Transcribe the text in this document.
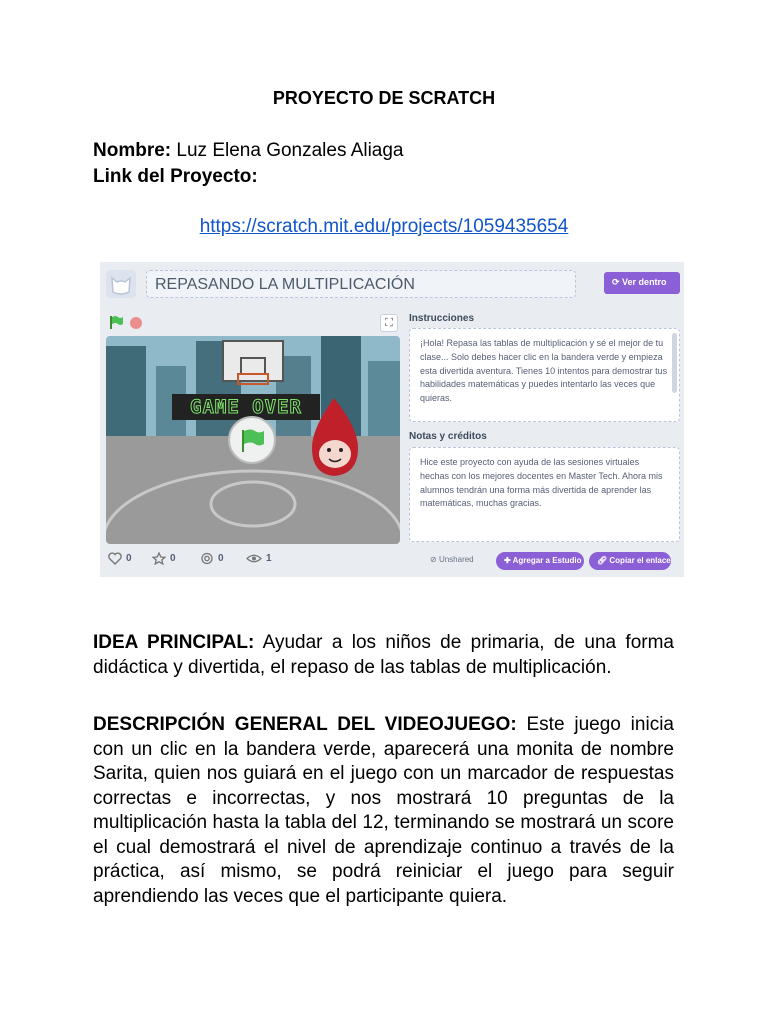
PROYECTO DE SCRATCH
Nombre: Luz Elena Gonzales Aliaga
Link del Proyecto:
https://scratch.mit.edu/projects/1059435654
REPASANDO LA MULTIPLICACIÓN	⟳ Ver dentro
⛶
GAME OVER
Instrucciones
¡Hola! Repasa las tablas de multiplicación y sé el mejor de tu clase... Solo debes hacer clic en la bandera verde y empieza esta divertida aventura. Tienes 10 intentos para demostrar tus habilidades matemáticas y puedes intentarlo las veces que quieras.
Notas y créditos
Hice este proyecto con ayuda de las sesiones virtuales hechas con los mejores docentes en Master Tech. Ahora mis alumnos tendrán una forma más divertida de aprender las matemáticas, muchas gracias.
0	0	0	1	⊘ Unshared	✚ Agregar a Estudio	🔗︎ Copiar el enlace
IDEA PRINCIPAL: Ayudar a los niños de primaria, de una forma didáctica y divertida, el repaso de las tablas de multiplicación.
DESCRIPCIÓN GENERAL DEL VIDEOJUEGO: Este juego inicia con un clic en la bandera verde, aparecerá una monita de nombre Sarita, quien nos guiará en el juego con un marcador de respuestas correctas e incorrectas, y nos mostrará 10 preguntas de la multiplicación hasta la tabla del 12, terminando se mostrará un score el cual demostrará el nivel de aprendizaje continuo a través de la práctica, así mismo, se podrá reiniciar el juego para seguir aprendiendo las veces que el participante quiera.
